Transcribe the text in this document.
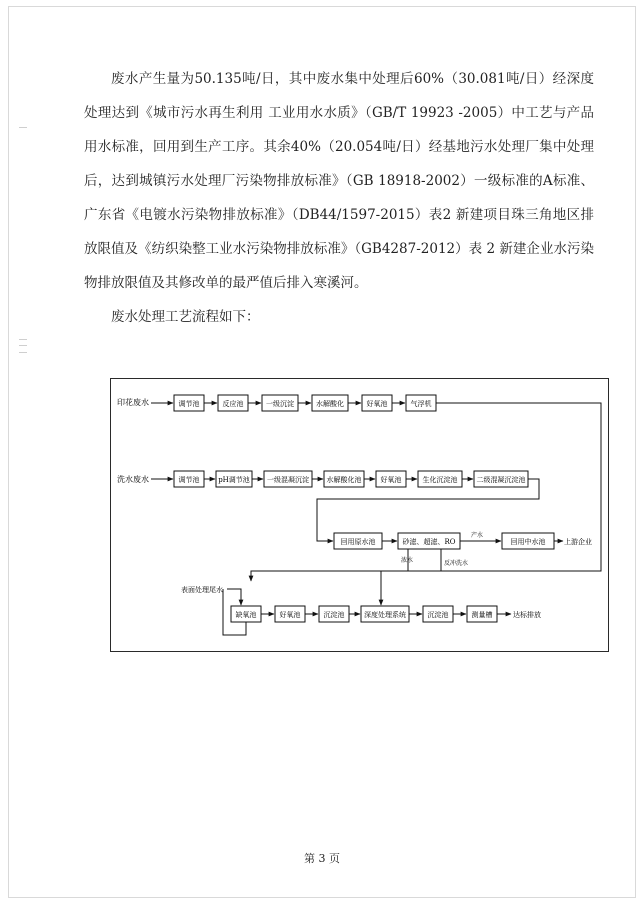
废水产生量为50.135吨/日，其中废水集中处理后60%（30.081吨/日）经深度处理达到《城市污水再生利用 工业用水水质》（GB/T 19923 -2005）中工艺与产品用水标准，回用到生产工序。其余40%（20.054吨/日）经基地污水处理厂集中处理后，达到城镇污水处理厂污染物排放标准》（GB 18918-2002）一级标准的A标准、广东省《电镀水污染物排放标准》（DB44/1597-2015）表2 新建项目珠三角地区排放限值及《纺织染整工业水污染物排放标准》（GB4287-2012）表 2 新建企业水污染物排放限值及其修改单的最严值后排入寒溪河。

废水处理工艺流程如下：

印花废水	调节池	反应池	一级沉淀	水解酸化	好氧池	气浮机
洗水废水	调节池	pH调节池 一级混凝沉淀	水解酸化池	好氧池	生化沉淀池	二级混凝沉淀池
回用原水池	砂滤、超滤、RO
产水
回用中水池	上游企业
浓水	反冲洗水
表面处理尾水
缺氧池	好氧池	沉淀池	深度处理系统	沉淀池	测量槽	达标排放
第 3 页
